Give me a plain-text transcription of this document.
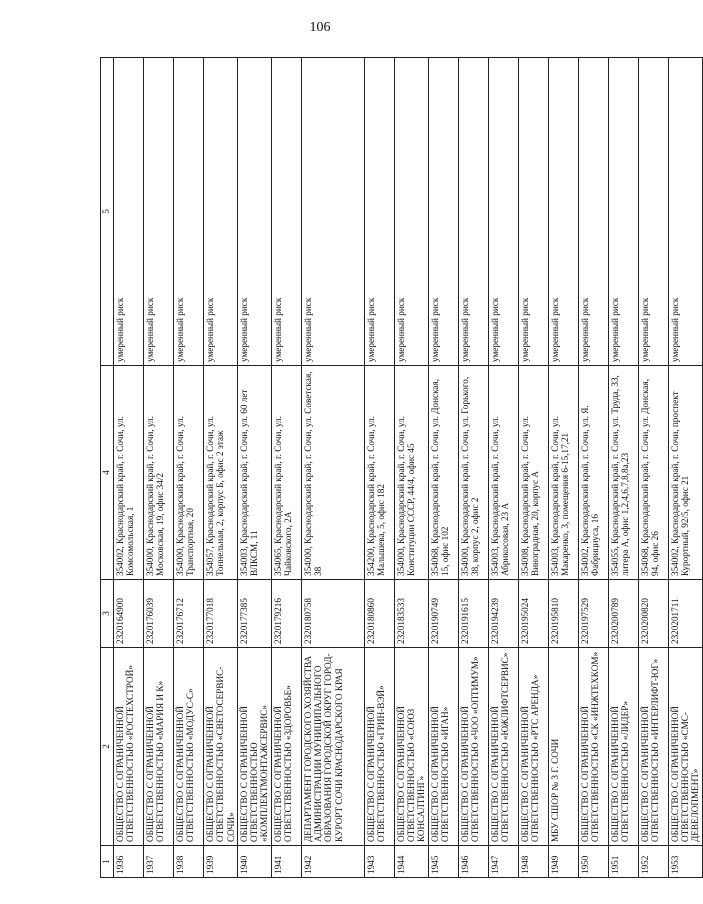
106
1	2	3	4	5
1936	ОБЩЕСТВО С ОГРАНИЧЕННОЙ ОТВЕТСТВЕННОСТЬЮ «РОСТЕХСТРОЙ»	2320164900	354002, Краснодарский край, г. Сочи, ул. Комсомольская, 1	умеренный риск
1937	ОБЩЕСТВО С ОГРАНИЧЕННОЙ ОТВЕТСТВЕННОСТЬЮ «МАРИЯ И К»	2320176039	354000, Краснодарский край, г. Сочи, ул. Московская, 19, офис 34/2	умеренный риск
1938	ОБЩЕСТВО С ОГРАНИЧЕННОЙ ОТВЕТСТВЕННОСТЬЮ «МОДУС-С»	2320176712	354000, Краснодарский край, г. Сочи, ул. Транспортная, 20	умеренный риск
1939	ОБЩЕСТВО С ОГРАНИЧЕННОЙ ОТВЕТСТВЕННОСТЬЮ «СВЕТОСЕРВИС-СОЧИ»	2320177018	354057, Краснодарский край, г. Сочи, ул. Тоннельная, 2, корпус Б, офис 2 этаж	умеренный риск
1940	ОБЩЕСТВО С ОГРАНИЧЕННОЙ ОТВЕТСТВЕННОСТЬЮ «КОМПЛЕКТМОНТАЖСЕРВИС»	2320177385	354003, Краснодарский край, г. Сочи, ул. 60 лет ВЛКСМ, 11	умеренный риск
1941	ОБЩЕСТВО С ОГРАНИЧЕННОЙ ОТВЕТСТВЕННОСТЬЮ «ЗДОРОВЬЕ»	2320179216	354065, Краснодарский край, г. Сочи, ул. Чайковского, 2А	умеренный риск
1942	ДЕПАРТАМЕНТ ГОРОДСКОГО ХОЗЯЙСТВА АДМИНИСТРАЦИИ МУНИЦИПАЛЬНОГО ОБРАЗОВАНИЯ ГОРОДСКОЙ ОКРУГ ГОРОД-КУРОРТ СОЧИ КРАСНОДАРСКОГО КРАЯ	2320180758	354000, Краснодарский край, г. Сочи, ул. Советская, 38	умеренный риск
1943	ОБЩЕСТВО С ОГРАНИЧЕННОЙ ОТВЕТСТВЕННОСТЬЮ «ГРИН-ВЭЙ»	2320180860	354200, Краснодарский край, г. Сочи, ул. Малышева, 5, офис 182	умеренный риск
1944	ОБЩЕСТВО С ОГРАНИЧЕННОЙ ОТВЕТСТВЕННОСТЬЮ «СОЮЗ КОНСАЛТИНГ»	2320183533	354000, Краснодарский край, г. Сочи, ул. Конституции СССР, 44/4, офис 45	умеренный риск
1945	ОБЩЕСТВО С ОГРАНИЧЕННОЙ ОТВЕТСТВЕННОСТЬЮ «ИГАН»	2320190749	354068, Краснодарский край, г. Сочи, ул. Донская, 15, офис 102	умеренный риск
1946	ОБЩЕСТВО С ОГРАНИЧЕННОЙ ОТВЕТСТВЕННОСТЬЮ «ЧОО «ОПТИМУМ»	2320191615	354000, Краснодарский край, г. Сочи, ул. Горького, 38, корпус 2, офис 2	умеренный риск
1947	ОБЩЕСТВО С ОГРАНИЧЕННОЙ ОТВЕТСТВЕННОСТЬЮ «ЮЖЛИФТСЕРВИС»	2320194239	354003, Краснодарский край, г. Сочи, ул. Абрикосовая, 23 А	умеренный риск
1948	ОБЩЕСТВО С ОГРАНИЧЕННОЙ ОТВЕТСТВЕННОСТЬЮ «РТС АРЕНДА»	2320195024	354008, Краснодарский край, г. Сочи, ул. Виноградная, 20, корпус А	умеренный риск
1949	МБУ СШОР № 3 Г. СОЧИ	2320195810	354003, Краснодарский край, г. Сочи, ул. Макаренко, 3, помещения 6-15,17,21	умеренный риск
1950	ОБЩЕСТВО С ОГРАНИЧЕННОЙ ОТВЕТСТВЕННОСТЬЮ «СК «ИНЖТЕХКОМ»	2320197529	354002, Краснодарский край, г. Сочи, ул. Я. Фабрициуса, 16	умеренный риск
1951	ОБЩЕСТВО С ОГРАНИЧЕННОЙ ОТВЕТСТВЕННОСТЬЮ «ЛИДЕР»	2320200789	354055, Краснодарский край, г. Сочи, ул. Труда, 33, литера А, офис 1,2,4,6,7,8,8а,23	умеренный риск
1952	ОБЩЕСТВО С ОГРАНИЧЕННОЙ ОТВЕТСТВЕННОСТЬЮ «ИНТЕРЛИФТ-ЮГ»	2320200820	354068, Краснодарский край, г. Сочи, ул. Донская, 94, офис 26	умеренный риск
1953	ОБЩЕСТВО С ОГРАНИЧЕННОЙ ОТВЕТСТВЕННОСТЬЮ «СМС-ДЕВЕЛОПМЕНТ»	2320201711	354002, Краснодарский край, г. Сочи, проспект Курортный, 92/5, офис 21	умеренный риск
